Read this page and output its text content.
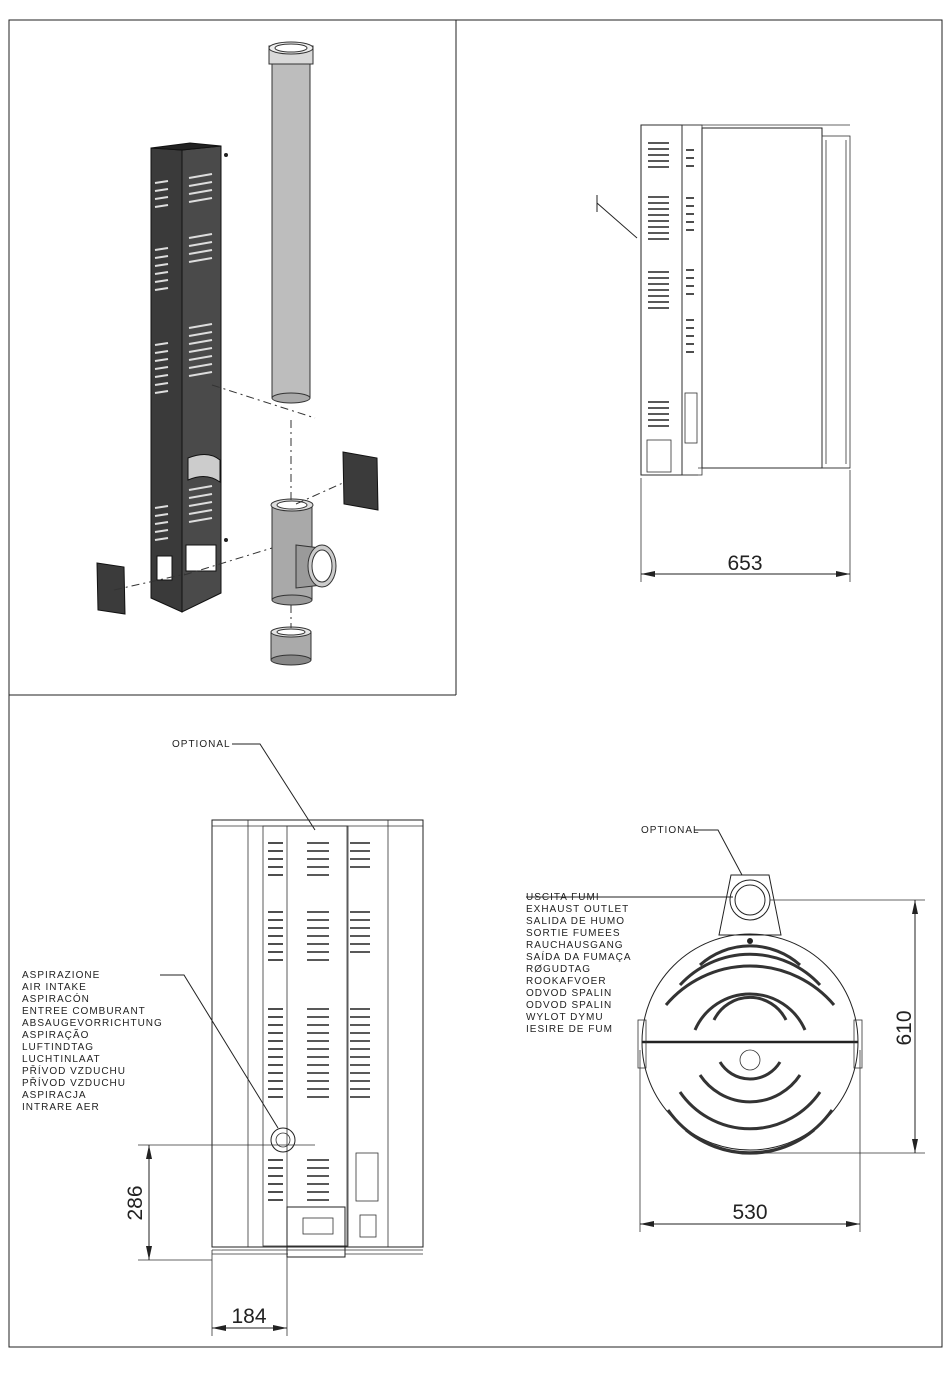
653
OPTIONAL
ASPIRAZIONE
AIR INTAKE
ASPIRACÓN
ENTREE COMBURANT
ABSAUGEVORRICHTUNG
ASPIRAÇÃO
LUFTINDTAG
LUCHTINLAAT
PŘÍVOD VZDUCHU
PŘÍVOD VZDUCHU
ASPIRACJA
INTRARE AER
286
184
OPTIONAL
USCITA FUMI
EXHAUST OUTLET
SALIDA DE HUMO
SORTIE FUMEES
RAUCHAUSGANG
SAÍDA DA FUMAÇA
RØGUDTAG
ROOKAFVOER
ODVOD SPALIN
ODVOD SPALIN
WYLOT DYMU
IESIRE DE FUM	610
530
